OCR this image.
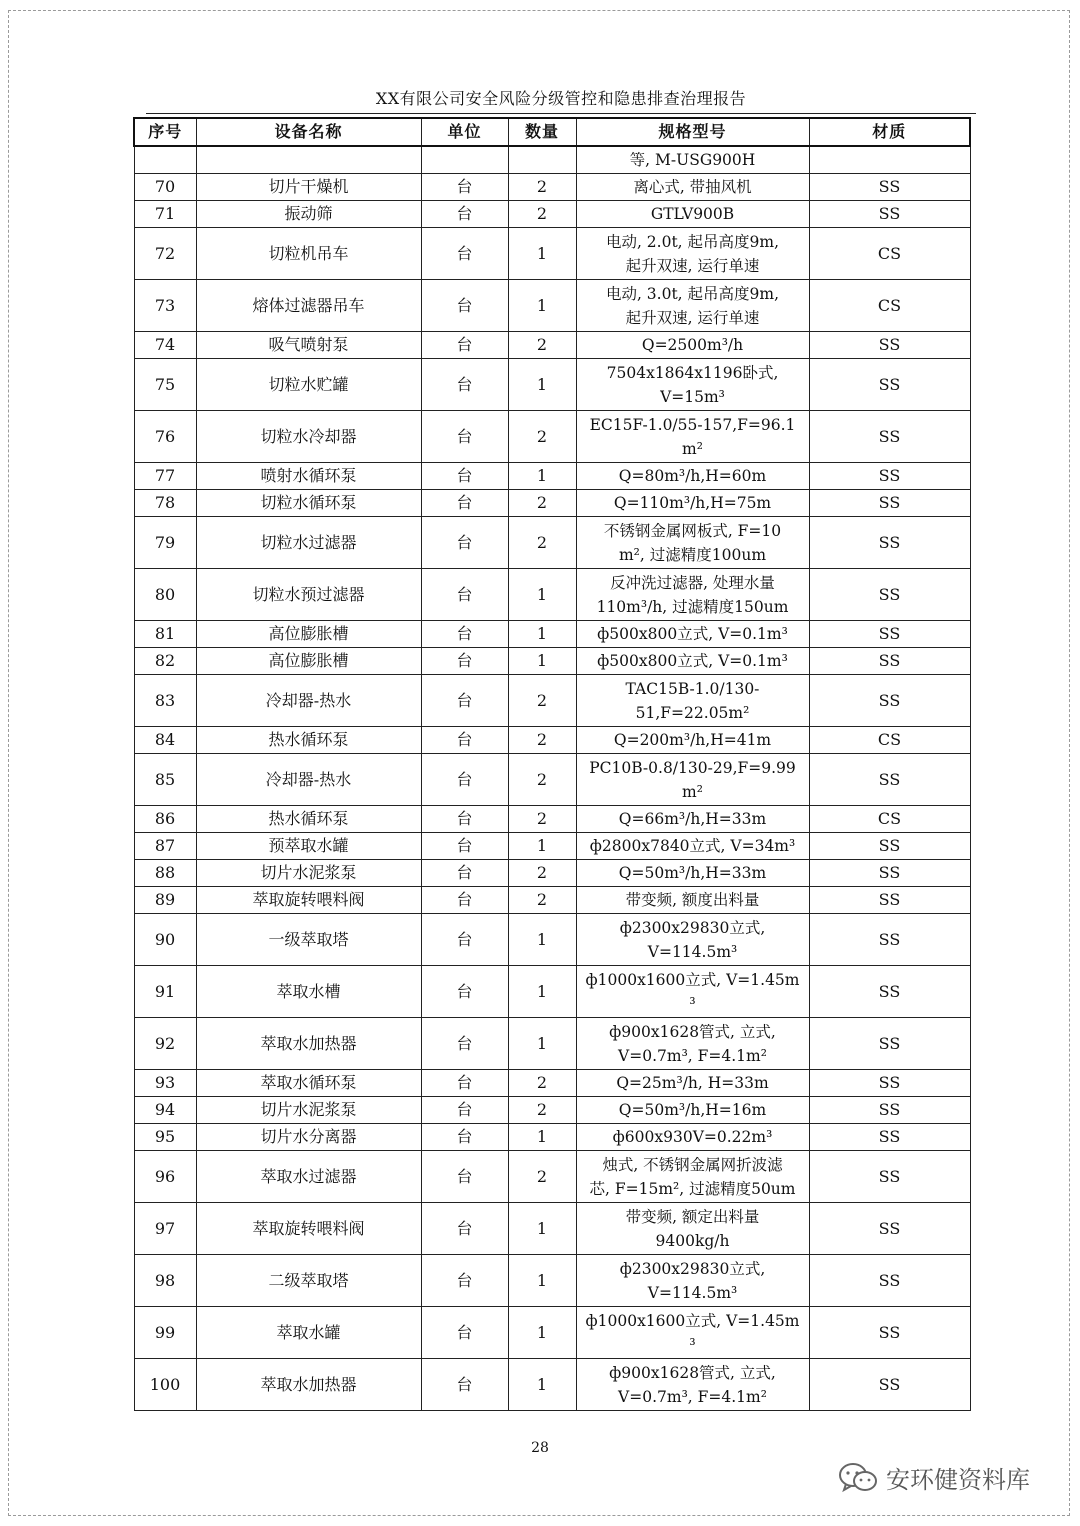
XX有限公司安全风险分级管控和隐患排查治理报告
序号	设备名称	单位	数量	规格型号	材质
				等, M-USG900H	
70	切片干燥机	台	2	离心式, 带抽风机	SS
71	振动筛	台	2	GTLV900B	SS
72	切粒机吊车	台	1	电动, 2.0t, 起吊高度9m,
起升双速, 运行单速	CS
73	熔体过滤器吊车	台	1	电动, 3.0t, 起吊高度9m,
起升双速, 运行单速	CS
74	吸气喷射泵	台	2	Q=2500m³/h	SS
75	切粒水贮罐	台	1	7504x1864x1196卧式,
V=15m³	SS
76	切粒水冷却器	台	2	EC15F-1.0/55-157,F=96.1
m²	SS
77	喷射水循环泵	台	1	Q=80m³/h,H=60m	SS
78	切粒水循环泵	台	2	Q=110m³/h,H=75m	SS
79	切粒水过滤器	台	2	不锈钢金属网板式, F=10
m², 过滤精度100um	SS
80	切粒水预过滤器	台	1	反冲洗过滤器, 处理水量
110m³/h, 过滤精度150um	SS
81	高位膨胀槽	台	1	ф500x800立式, V=0.1m³	SS
82	高位膨胀槽	台	1	ф500x800立式, V=0.1m³	SS
83	冷却器-热水	台	2	TAC15B-1.0/130-
51,F=22.05m²	SS
84	热水循环泵	台	2	Q=200m³/h,H=41m	CS
85	冷却器-热水	台	2	PC10B-0.8/130-29,F=9.99
m²	SS
86	热水循环泵	台	2	Q=66m³/h,H=33m	CS
87	预萃取水罐	台	1	ф2800x7840立式, V=34m³	SS
88	切片水泥浆泵	台	2	Q=50m³/h,H=33m	SS
89	萃取旋转喂料阀	台	2	带变频, 额度出料量	SS
90	一级萃取塔	台	1	ф2300x29830立式,
V=114.5m³	SS
91	萃取水槽	台	1	ф1000x1600立式, V=1.45m
³	SS
92	萃取水加热器	台	1	ф900x1628管式, 立式,
V=0.7m³, F=4.1m²	SS
93	萃取水循环泵	台	2	Q=25m³/h, H=33m	SS
94	切片水泥浆泵	台	2	Q=50m³/h,H=16m	SS
95	切片水分离器	台	1	ф600x930V=0.22m³	SS
96	萃取水过滤器	台	2	烛式, 不锈钢金属网折波滤
芯, F=15m², 过滤精度50um	SS
97	萃取旋转喂料阀	台	1	带变频, 额定出料量
9400kg/h	SS
98	二级萃取塔	台	1	ф2300x29830立式,
V=114.5m³	SS
99	萃取水罐	台	1	ф1000x1600立式, V=1.45m
³	SS
100	萃取水加热器	台	1	ф900x1628管式, 立式,
V=0.7m³, F=4.1m²	SS
28
安环健资料库
